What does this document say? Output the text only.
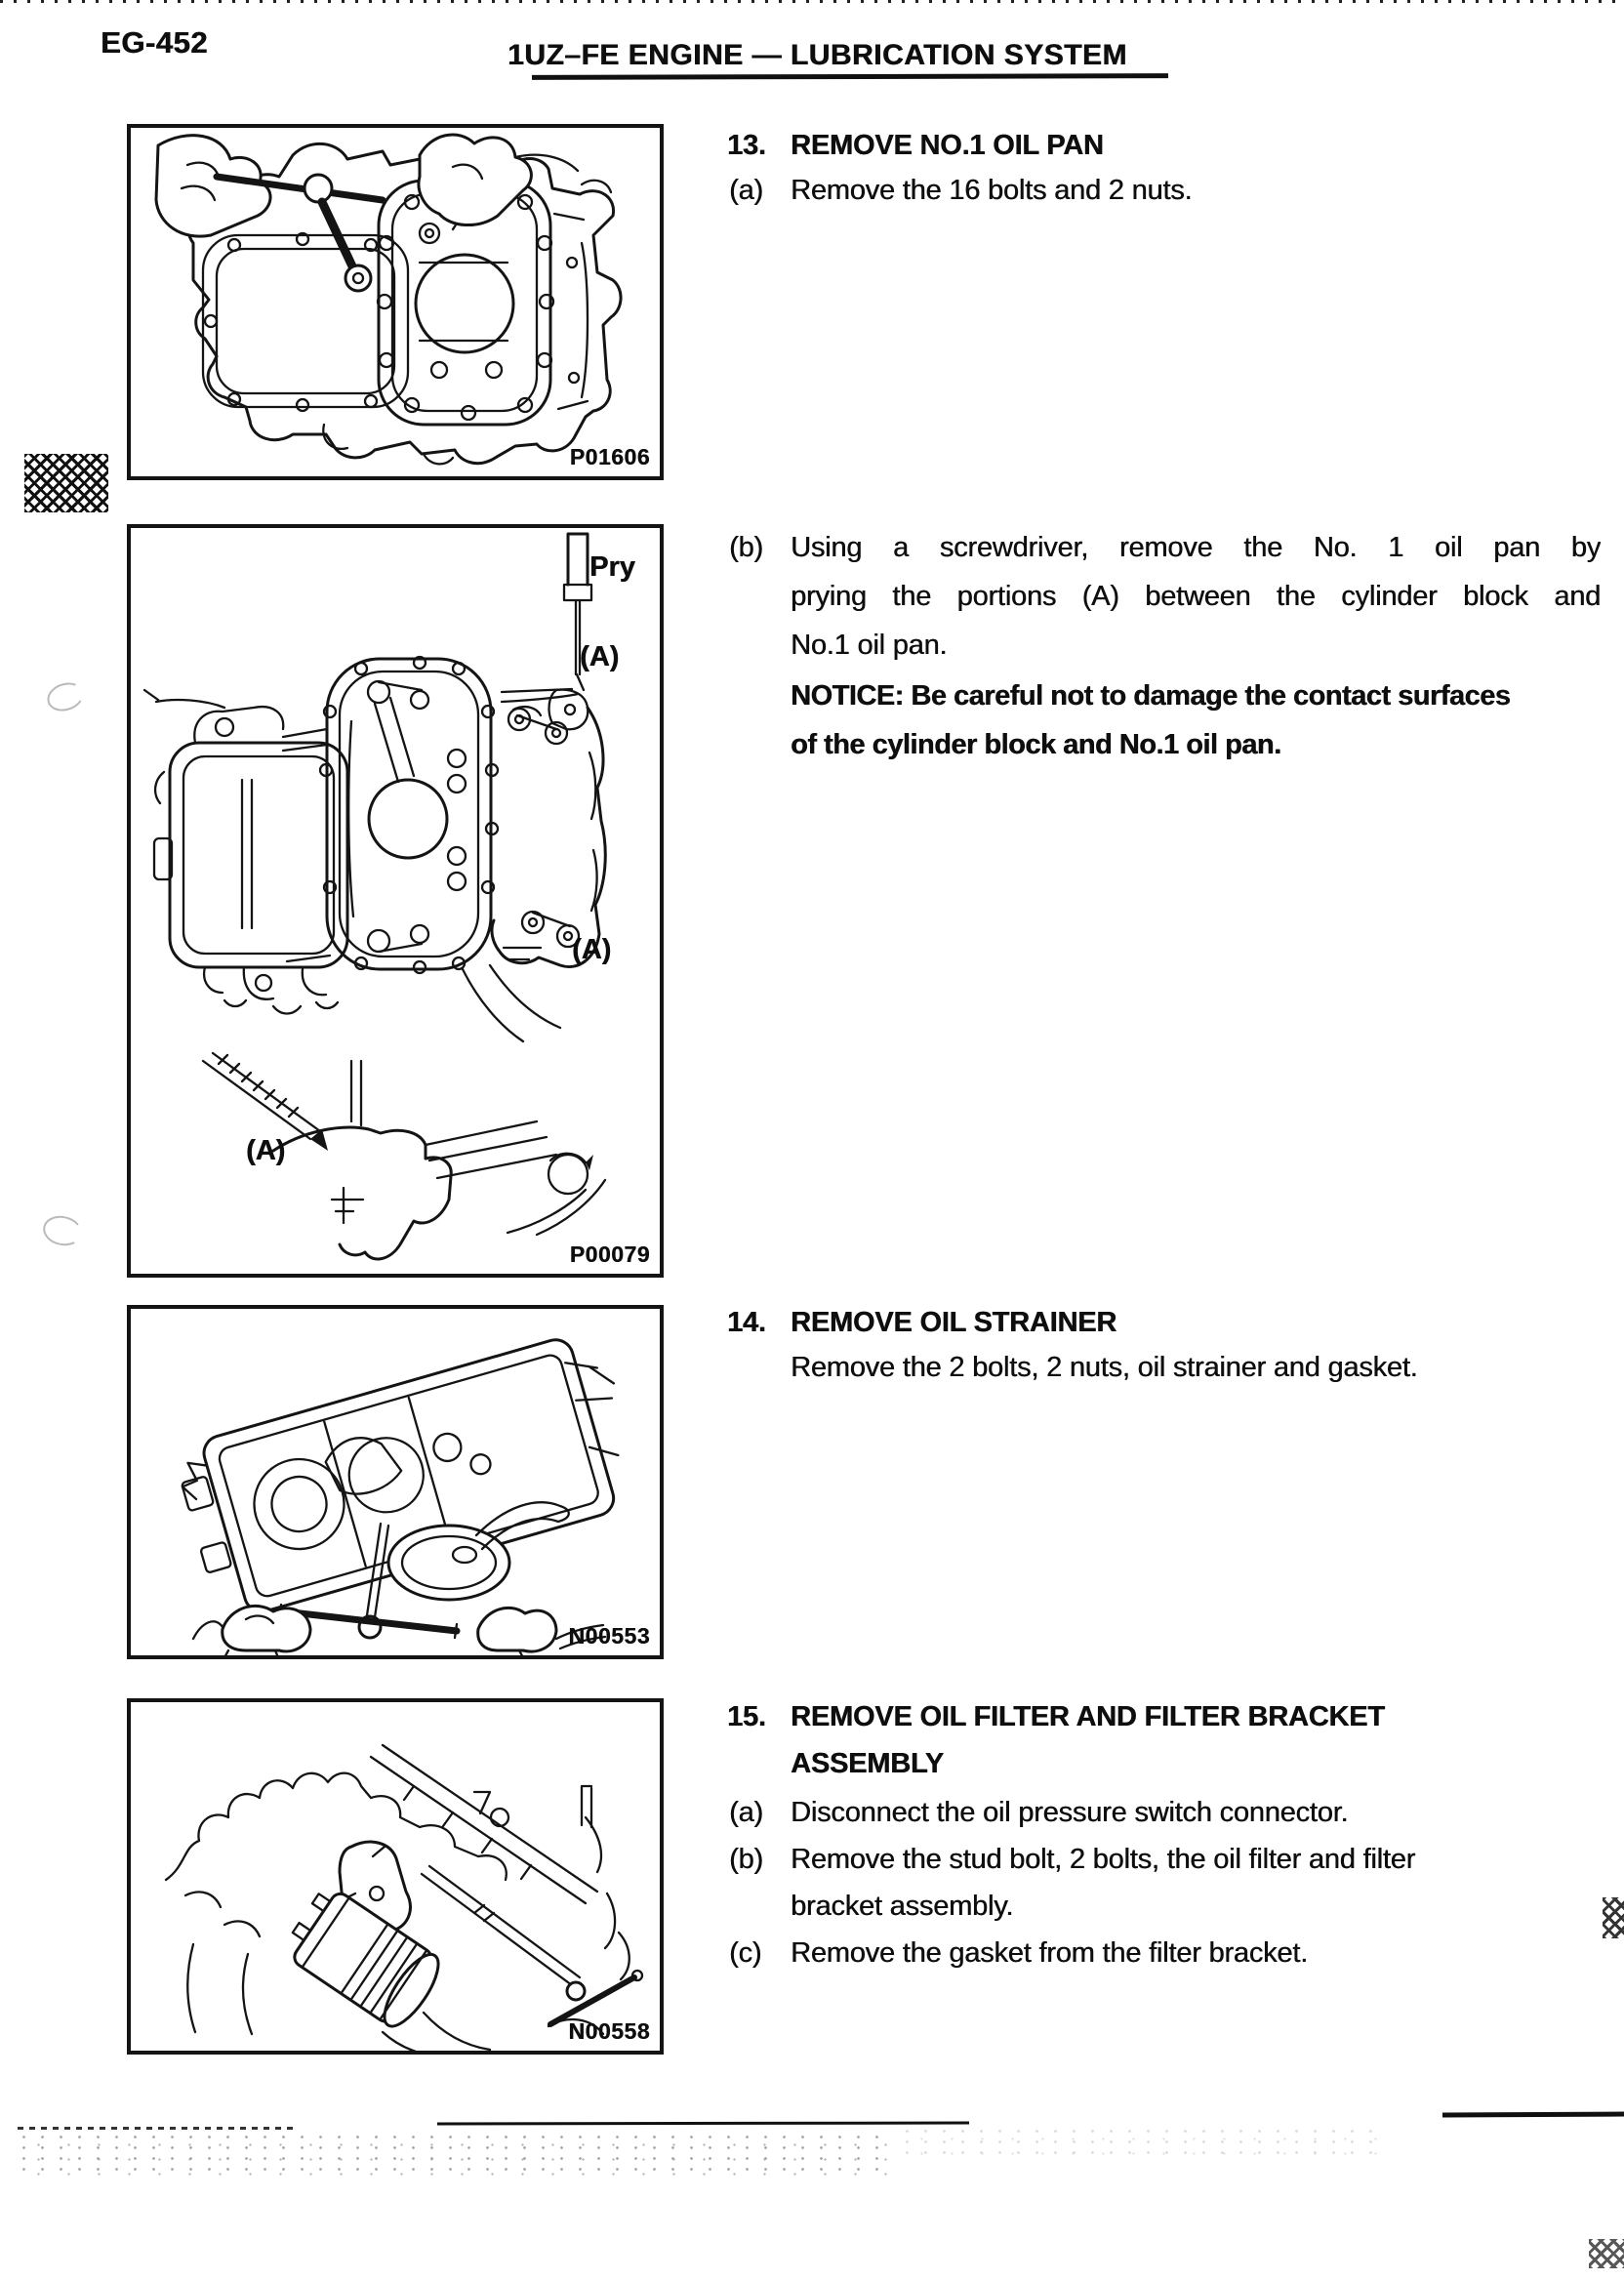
EG-452	1UZ–FE ENGINE — LUBRICATION SYSTEM
P01606
Pry
(A)
(A)
(A)
P00079
N00553
N00558
13. REMOVE NO.1 OIL PAN
(a) Remove the 16 bolts and 2 nuts.
(b) Using a screwdriver, remove the No. 1 oil pan by
prying the portions (A) between the cylinder block and
No.1 oil pan.
NOTICE: Be careful not to damage the contact surfaces
of the cylinder block and No.1 oil pan.
14. REMOVE OIL STRAINER
Remove the 2 bolts, 2 nuts, oil strainer and gasket.
15. REMOVE OIL FILTER AND FILTER BRACKET
ASSEMBLY
(a) Disconnect the oil pressure switch connector.
(b) Remove the stud bolt, 2 bolts, the oil filter and filter
bracket assembly.
(c) Remove the gasket from the filter bracket.
